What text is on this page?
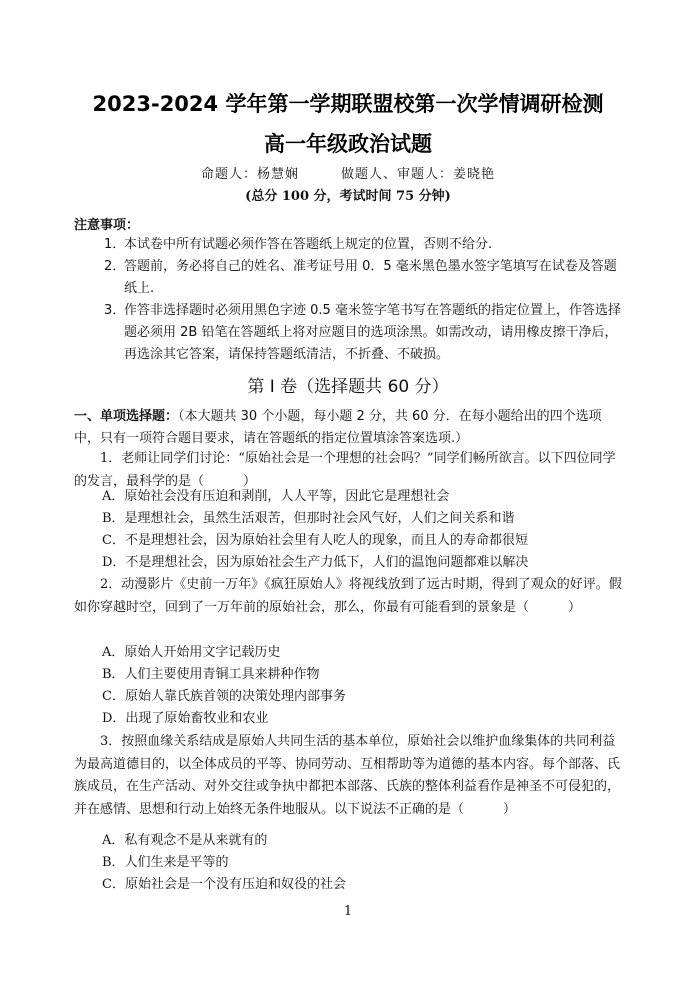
2023-2024 学年第一学期联盟校第一次学情调研检测
高一年级政治试题
命题人：杨慧娴	做题人、审题人：姜晓艳
(总分 100 分，考试时间 75 分钟)
注意事项：
1．
本试卷中所有试题必须作答在答题纸上规定的位置，否则不给分.
2．
答题前，务必将自己的姓名、准考证号用 0．5 毫米黑色墨水签字笔填写在试卷及答题纸上.
3．
作答非选择题时必须用黑色字迹 0.5 毫米签字笔书写在答题纸的指定位置上，作答选择题必须用 2B 铅笔在答题纸上将对应题目的选项涂黑。如需改动，请用橡皮擦干净后，再选涂其它答案，请保持答题纸清洁，不折叠、不破损。
第 I 卷（选择题共 60 分）
一、单项选择题：（本大题共 30 个小题，每小题 2 分，共 60 分．在每小题给出的四个选项中，只有一项符合题目要求，请在答题纸的指定位置填涂答案选项.）
1．老师让同学们讨论：“原始社会是一个理想的社会吗？”同学们畅所欲言。以下四位同学的发言，最科学的是（　　　）
A．原始社会没有压迫和剥削，人人平等，因此它是理想社会
B．是理想社会，虽然生活艰苦，但那时社会风气好，人们之间关系和谐
C．不是理想社会，因为原始社会里有人吃人的现象，而且人的寿命都很短
D．不是理想社会，因为原始社会生产力低下，人们的温饱问题都难以解决
2．动漫影片《史前一万年》《疯狂原始人》将视线放到了远古时期，得到了观众的好评。假如你穿越时空，回到了一万年前的原始社会，那么，你最有可能看到的景象是（　　　）
A．原始人开始用文字记载历史
B．人们主要使用青铜工具来耕种作物
C．原始人靠氏族首领的决策处理内部事务
D．出现了原始畜牧业和农业
3．按照血缘关系结成是原始人共同生活的基本单位，原始社会以维护血缘集体的共同利益为最高道德目的，以全体成员的平等、协同劳动、互相帮助等为道德的基本内容。每个部落、氏族成员，在生产活动、对外交往或争执中都把本部落、氏族的整体利益看作是神圣不可侵犯的，并在感情、思想和行动上始终无条件地服从。以下说法不正确的是（　　　）
A．私有观念不是从来就有的
B．人们生来是平等的
C．原始社会是一个没有压迫和奴役的社会
1
